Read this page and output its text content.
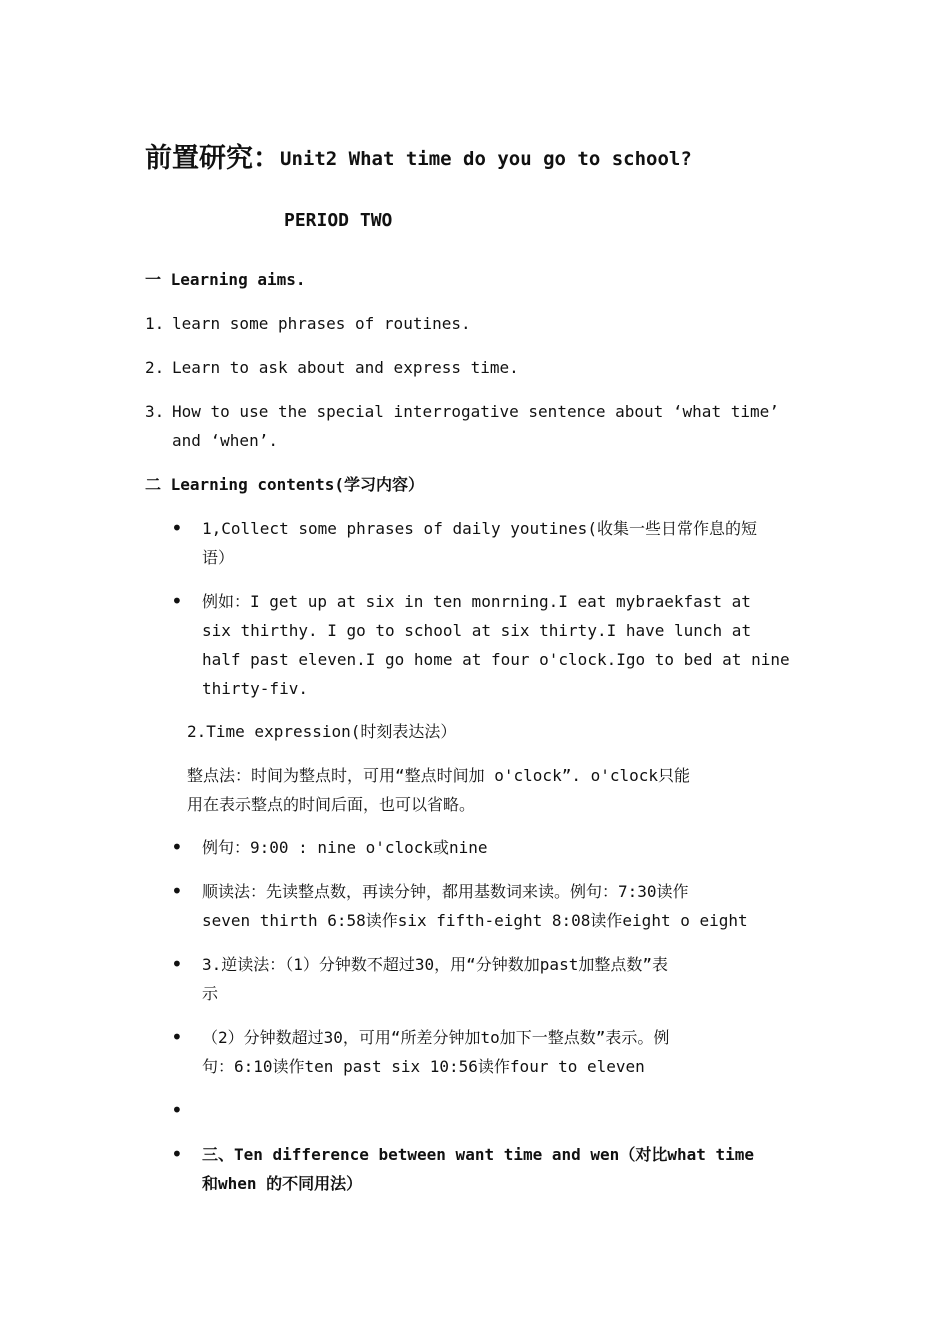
前置研究：Unit2 What time do you go to school?
PERIOD TWO
一 Learning aims.
1. learn some phrases of routines.
2. Learn to ask about and express time.
3. How to use the special interrogative sentence about ‘what time’
and ‘when’.
二 Learning contents(学习内容）
• 1,Collect some phrases of daily youtines(收集一些日常作息的短
语）
• 例如：I get up at six in ten monrning.I eat mybraekfast at
six thirthy. I go to school at six thirty.I have lunch at
half past eleven.I go home at four o'clock.Igo to bed at nine
thirty-fiv.
2.Time expression(时刻表达法）
整点法：时间为整点时，可用“整点时间加 o'clock”. o'clock只能
用在表示整点的时间后面，也可以省略。
• 例句：9:00 : nine o'clock或nine
• 顺读法：先读整点数，再读分钟，都用基数词来读。例句：7:30读作
seven thirth 6:58读作six fifth-eight 8:08读作eight o eight
• 3.逆读法：（1）分钟数不超过30，用“分钟数加past加整点数”表
示
• （2）分钟数超过30，可用“所差分钟加to加下一整点数”表示。例
句：6:10读作ten past six 10:56读作four to eleven
•
• 三、Ten difference between want time and wen（对比what time
和when 的不同用法）
